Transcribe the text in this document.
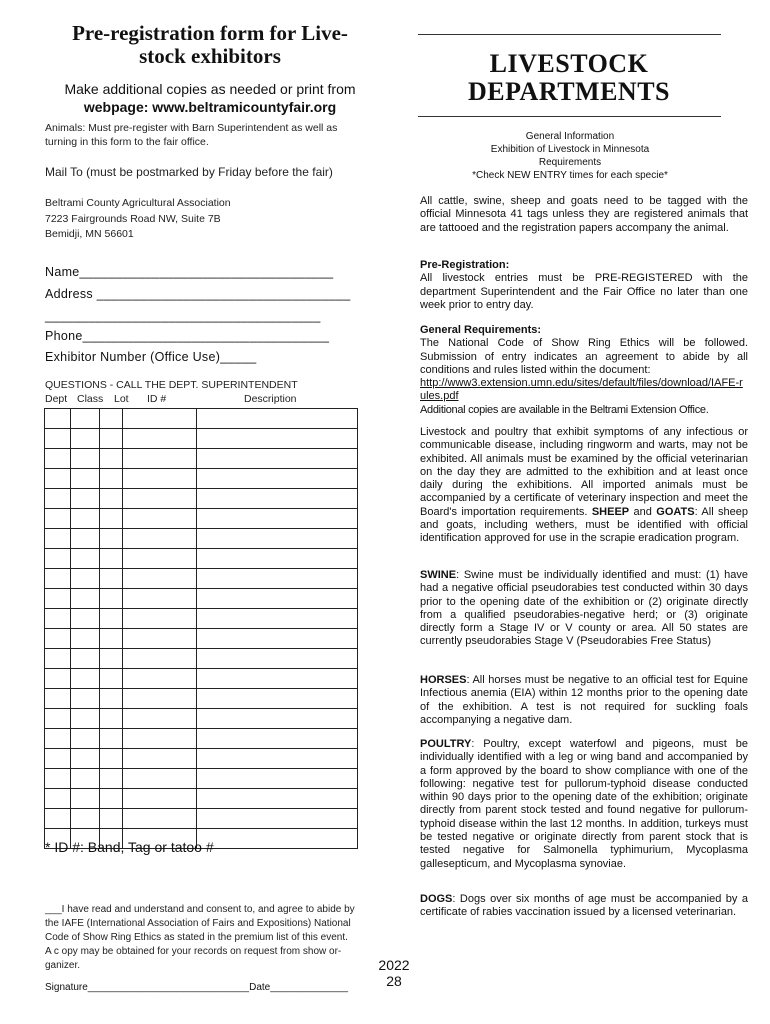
Pre-registration form for Live-
stock exhibitors
Make additional copies as needed or print from
webpage: www.beltramicountyfair.org
Animals: Must pre-register with Barn Superintendent as well as
turning in this form to the fair office.
Mail To (must be postmarked by Friday before the fair)
Beltrami County Agricultural Association
7223 Fairgrounds Road NW, Suite 7B
Bemidji, MN 56601
Name___________________________________
Address ___________________________________
______________________________________
Phone__________________________________
Exhibitor Number (Office Use)_____
QUESTIONS - CALL THE DEPT. SUPERINTENDENT
Dept Class Lot ID #	Description

* ID #: Band, Tag or tatoo #
___I have read and understand and consent to, and agree to abide by
the IAFE (International Association of Fairs and Expositions) National
Code of Show Ring Ethics as stated in the premium list of this event.
A c opy may be obtained for your records on request from show or-
ganizer.
Signature_____________________________Date______________
2022
28
LIVESTOCK
DEPARTMENTS
General Information
Exhibition of Livestock in Minnesota
Requirements
*Check NEW ENTRY times for each specie*
All cattle, swine, sheep and goats need to be tagged with the official Minnesota 41 tags unless they are registered animals that are tattooed and the registration papers accompany the animal.
Pre-Registration:
All livestock entries must be PRE-REGISTERED with the department Superintendent and the Fair Office no later than one week prior to entry day.
General Requirements:
The National Code of Show Ring Ethics will be followed. Submission of entry indicates an agreement to abide by all conditions and rules listed within the document:
http://www3.extension.umn.edu/sites/default/files/download/IAFE-rules.pdf
Additional copies are available in the Beltrami Extension Office.
Livestock and poultry that exhibit symptoms of any infectious or communicable disease, including ringworm and warts, may not be exhibited. All animals must be examined by the official veterinarian on the day they are admitted to the exhibition and at least once daily during the exhibitions. All imported animals must be accompanied by a certificate of veterinary inspection and meet the Board's importation requirements. SHEEP and GOATS: All sheep and goats, including wethers, must be identified with official identification approved for use in the scrapie eradication program.
SWINE: Swine must be individually identified and must: (1) have had a negative official pseudorabies test conducted within 30 days prior to the opening date of the exhibition or (2) originate directly from a qualified pseudorabies-negative herd; or (3) originate directly form a Stage IV or V county or area. All 50 states are currently pseudorabies Stage V (Pseudorabies Free Status)
HORSES: All horses must be negative to an official test for Equine Infectious anemia (EIA) within 12 months prior to the opening date of the exhibition. A test is not required for suckling foals accompanying a negative dam.
POULTRY: Poultry, except waterfowl and pigeons, must be individually identified with a leg or wing band and accompanied by a form approved by the board to show compliance with one of the following: negative test for pullorum-typhoid disease conducted within 90 days prior to the opening date of the exhibition; originate directly from parent stock tested and found negative for pullorum-typhoid disease within the last 12 months. In addition, turkeys must be tested negative or originate directly from parent stock that is tested negative for Salmonella typhimurium, Mycoplasma gallesepticum, and Mycoplasma synoviae.
DOGS: Dogs over six months of age must be accompanied by a certificate of rabies vaccination issued by a licensed veterinarian.
